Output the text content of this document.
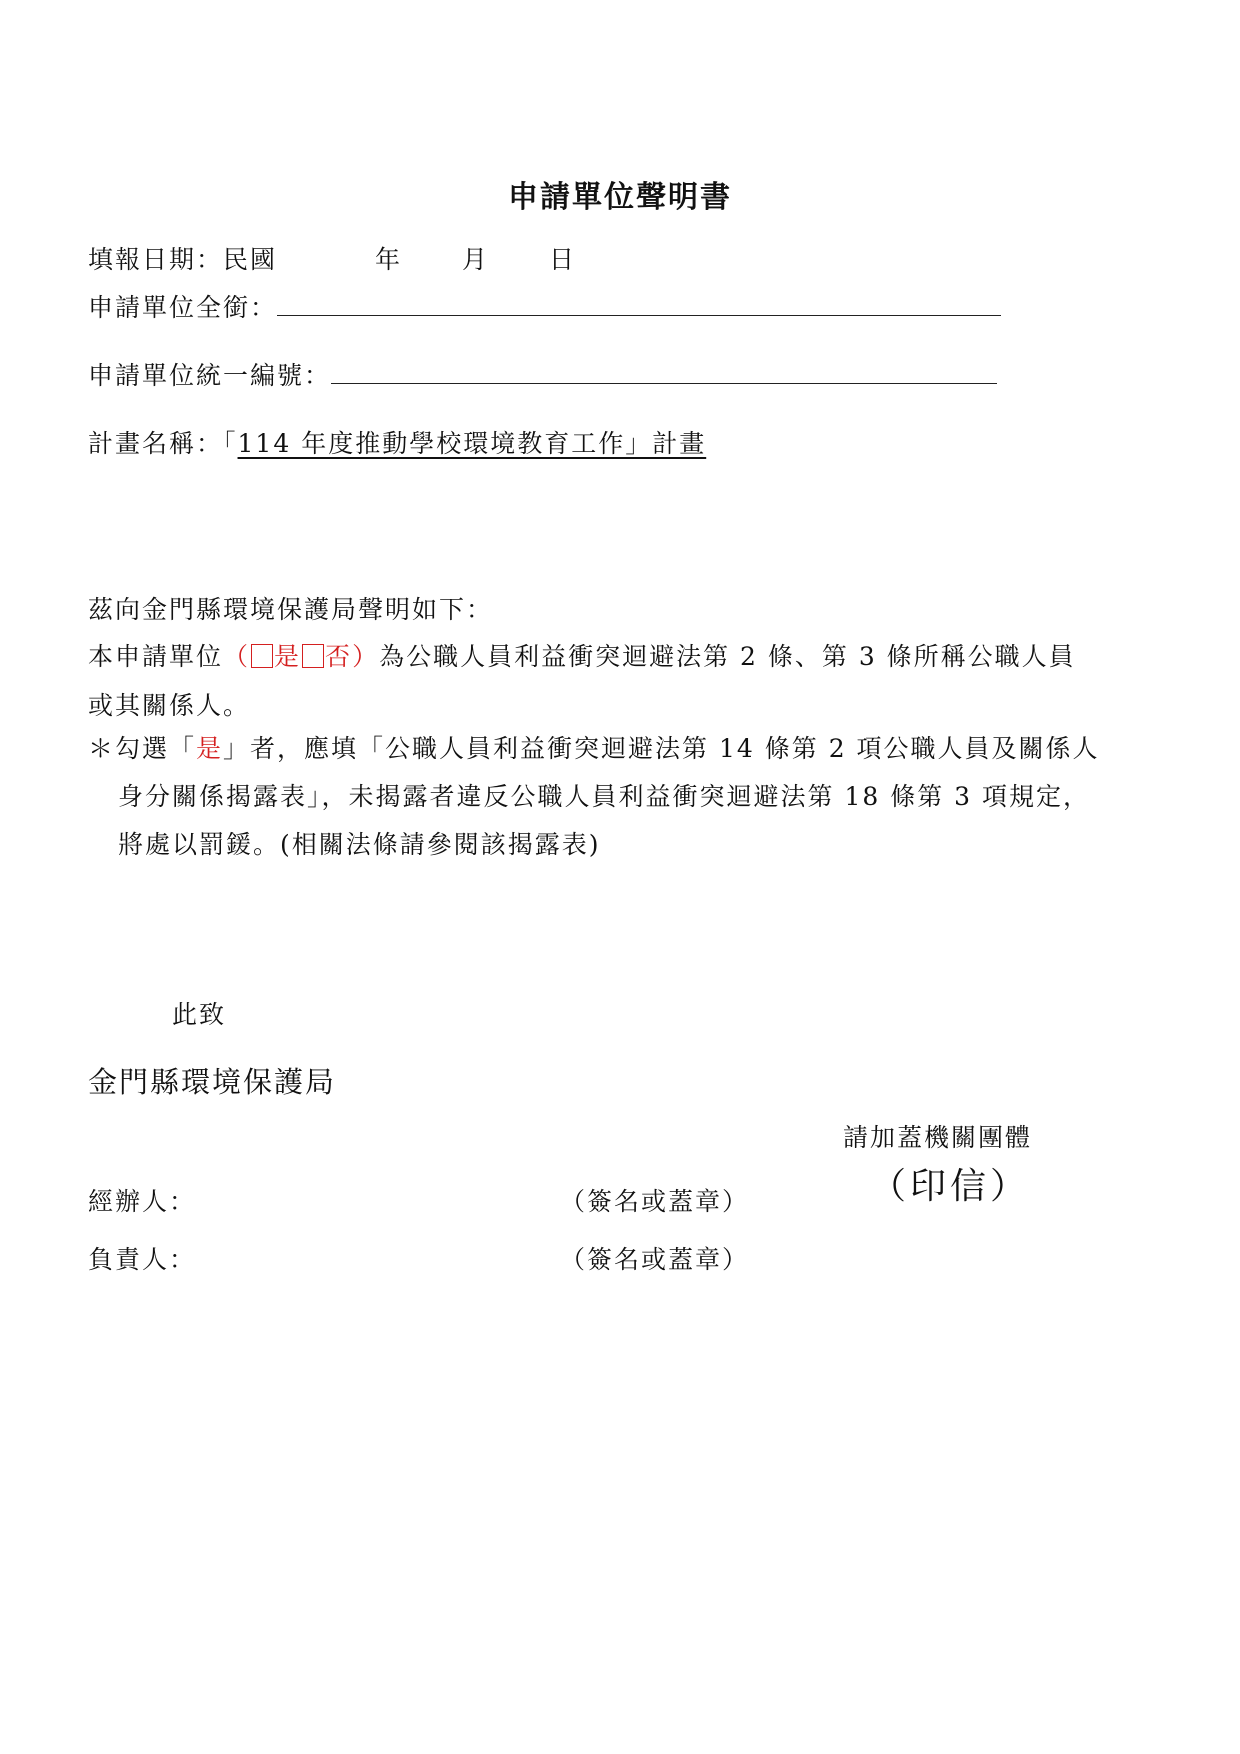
申請單位聲明書
填報日期：民國	年 月 日
申請單位全銜：
申請單位統一編號：
計畫名稱：「114 年度推動學校環境教育工作」計畫
茲向金門縣環境保護局聲明如下：
本申請單位（ 是 否）為公職人員利益衝突迴避法第 2 條、第 3 條所稱公職人員
或其關係人。
＊勾選「是」者，應填「公職人員利益衝突迴避法第 14 條第 2 項公職人員及關係人
身分關係揭露表」，未揭露者違反公職人員利益衝突迴避法第 18 條第 3 項規定，
將處以罰鍰。(相關法條請參閱該揭露表)
此致
金門縣環境保護局
請加蓋機關團體
（印信）
經辦人：	（簽名或蓋章）
負責人：	（簽名或蓋章）
